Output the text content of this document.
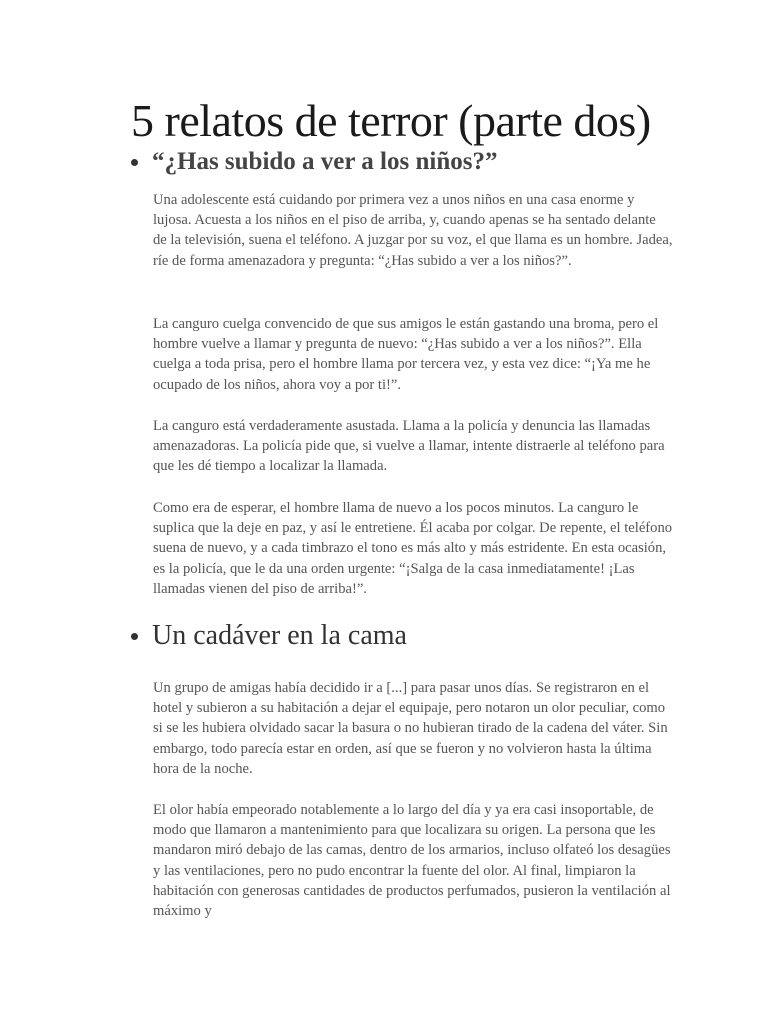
5 relatos de terror (parte dos)
“¿Has subido a ver a los niños?”

Una adolescente está cuidando por primera vez a unos niños en una casa enorme y lujosa. Acuesta a los niños en el piso de arriba, y, cuando apenas se ha sentado delante de la televisión, suena el teléfono. A juzgar por su voz, el que llama es un hombre. Jadea, ríe de forma amenazadora y pregunta: “¿Has subido a ver a los niños?”.

La canguro cuelga convencido de que sus amigos le están gastando una broma, pero el hombre vuelve a llamar y pregunta de nuevo: “¿Has subido a ver a los niños?”. Ella cuelga a toda prisa, pero el hombre llama por tercera vez, y esta vez dice: “¡Ya me he ocupado de los niños, ahora voy a por ti!”.

La canguro está verdaderamente asustada. Llama a la policía y denuncia las llamadas amenazadoras. La policía pide que, si vuelve a llamar, intente distraerle al teléfono para que les dé tiempo a localizar la llamada.

Como era de esperar, el hombre llama de nuevo a los pocos minutos. La canguro le suplica que la deje en paz, y así le entretiene. Él acaba por colgar. De repente, el teléfono suena de nuevo, y a cada timbrazo el tono es más alto y más estridente. En esta ocasión, es la policía, que le da una orden urgente: “¡Salga de la casa inmediatamente! ¡Las llamadas vienen del piso de arriba!”.

Un cadáver en la cama

Un grupo de amigas había decidido ir a [...] para pasar unos días. Se registraron en el hotel y subieron a su habitación a dejar el equipaje, pero notaron un olor peculiar, como si se les hubiera olvidado sacar la basura o no hubieran tirado de la cadena del váter. Sin embargo, todo parecía estar en orden, así que se fueron y no volvieron hasta la última hora de la noche.

El olor había empeorado notablemente a lo largo del día y ya era casi insoportable, de modo que llamaron a mantenimiento para que localizara su origen. La persona que les mandaron miró debajo de las camas, dentro de los armarios, incluso olfateó los desagües y las ventilaciones, pero no pudo encontrar la fuente del olor. Al final, limpiaron la habitación con generosas cantidades de productos perfumados, pusieron la ventilación al máximo y
